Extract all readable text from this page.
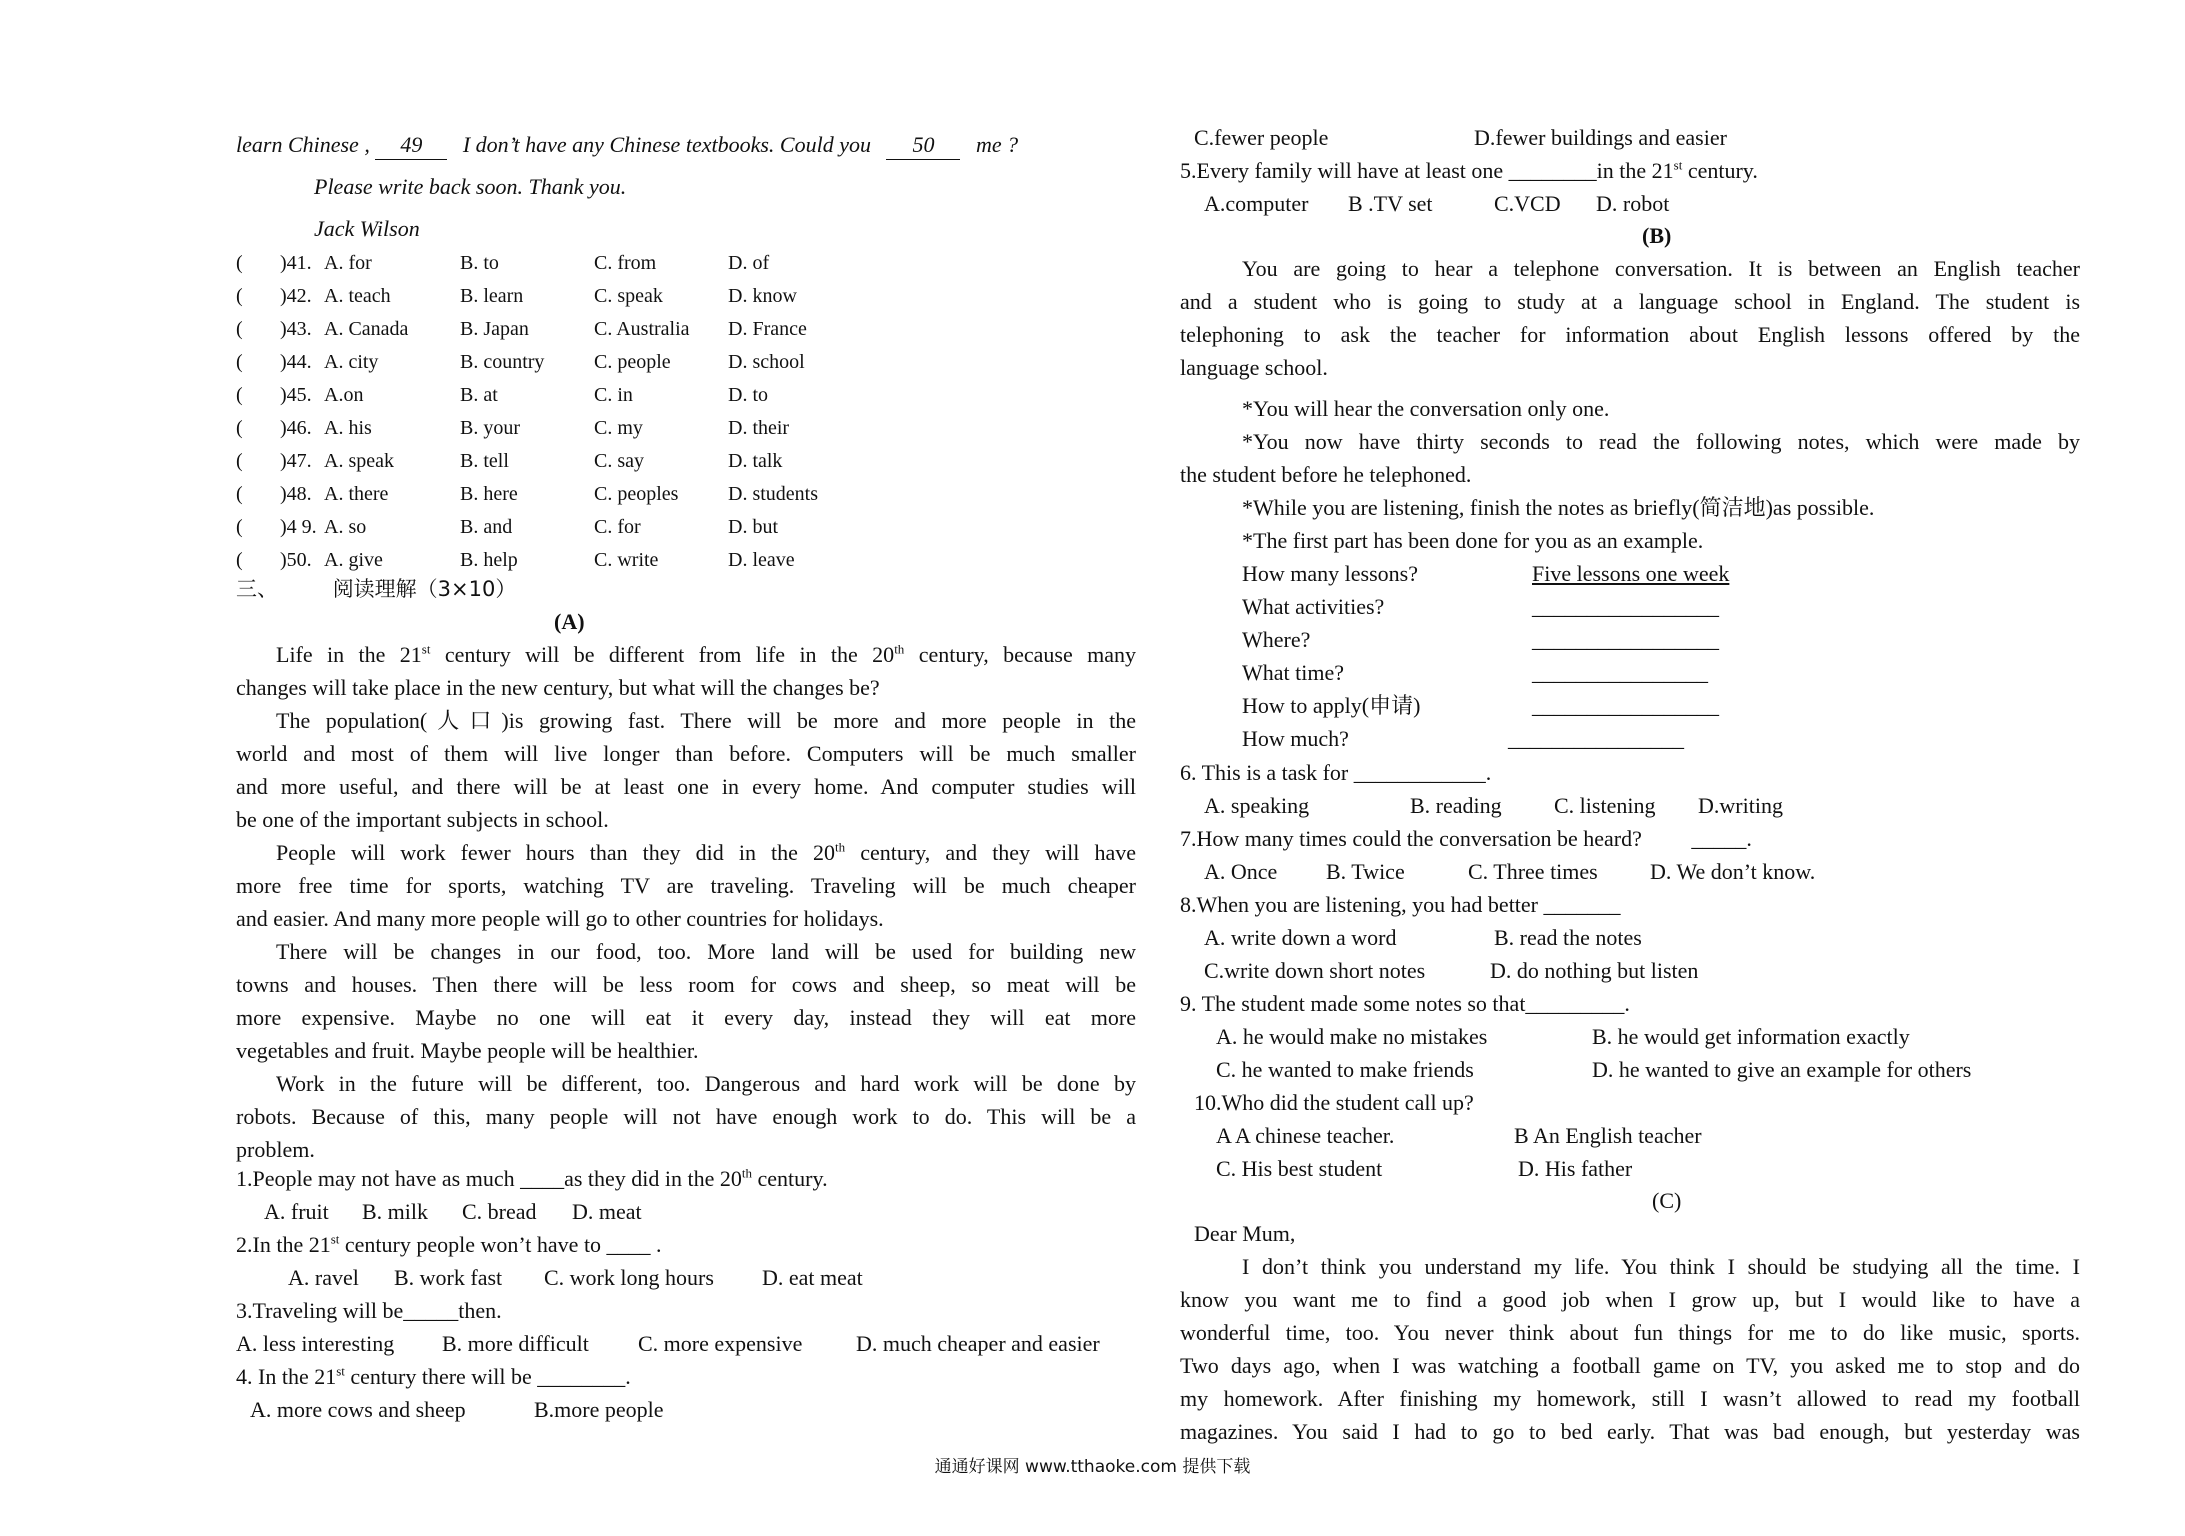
learn Chinese , 49 I don’t have any Chinese textbooks. Could you 50 me ?
Please write back soon. Thank you.
Jack Wilson
( )41. A. for	B. to	C. from	D. of
( )42. A. teach	B. learn	C. speak	D. know
( )43. A. Canada	B. Japan	C. Australia D. France
( )44. A. city	B. country C. people	D. school
( )45. A.on	B. at	C. in	D. to
( )46. A. his	B. your	C. my	D. their
( )47. A. speak	B. tell	C. say	D. talk
( )48. A. there	B. here	C. peoples D. students
( )4 9. A. so	B. and	C. for	D. but
( )50. A. give	B. help	C. write	D. leave
三、	阅读理解（3×10）
(A)
Life in the 21st century will be different from life in the 20th century, because many
changes will take place in the new century, but what will the changes be?
The population(人口)is growing fast. There will be more and more people in the
world and most of them will live longer than before. Computers will be much smaller
and more useful, and there will be at least one in every home. And computer studies will
be one of the important subjects in school.
People will work fewer hours than they did in the 20th century, and they will have
more free time for sports, watching TV are traveling. Traveling will be much cheaper
and easier. And many more people will go to other countries for holidays.
There will be changes in our food, too. More land will be used for building new
towns and houses. Then there will be less room for cows and sheep, so meat will be
more expensive. Maybe no one will eat it every day, instead they will eat more
vegetables and fruit. Maybe people will be healthier.
Work in the future will be different, too. Dangerous and hard work will be done by
robots. Because of this, many people will not have enough work to do. This will be a
problem.
1.People may not have as much ____as they did in the 20th century.
A. fruit B. milk C. bread D. meat
2.In the 21st century people won’t have to ____ .
A. ravel B. work fast C. work long hours D. eat meat
3.Traveling will be_____then.
A. less interesting B. more difficult C. more expensive D. much cheaper and easier
4. In the 21st century there will be ________.
A. more cows and sheep	B.more people
C.fewer people	D.fewer buildings and easier
5.Every family will have at least one ________in the 21st century.
A.computer B .TV set	C.VCD D. robot
(B)
You are going to hear a telephone conversation. It is between an English teacher
and a student who is going to study at a language school in England. The student is
telephoning to ask the teacher for information about English lessons offered by the
language school.
*You will hear the conversation only one.
*You now have thirty seconds to read the following notes, which were made by
the student before he telephoned.
*While you are listening, finish the notes as briefly(简洁地)as possible.
*The first part has been done for you as an example.
How many lessons?	Five lessons one week
What activities?	_________________
Where?	_________________
What time?	________________
How to apply(申请)	_________________
How much?	________________
6. This is a task for ____________.
A. speaking	B. reading C. listening D.writing
7.How many times could the conversation be heard? _____.
A. Once B. Twice	C. Three times D. We don’t know.
8.When you are listening, you had better _______
A. write down a word	B. read the notes
C.write down short notes	D. do nothing but listen
9. The student made some notes so that_________.
A. he would make no mistakes	B. he would get information exactly
C. he wanted to make friends	D. he wanted to give an example for others
10.Who did the student call up?
A A chinese teacher.	B An English teacher
C. His best student	D. His father
(C)
Dear Mum,
I don’t think you understand my life. You think I should be studying all the time. I
know you want me to find a good job when I grow up, but I would like to have a
wonderful time, too. You never think about fun things for me to do like music, sports.
Two days ago, when I was watching a football game on TV, you asked me to stop and do
my homework. After finishing my homework, still I wasn’t allowed to read my football
magazines. You said I had to go to bed early. That was bad enough, but yesterday was
通通好课网 www.tthaoke.com 提供下载
